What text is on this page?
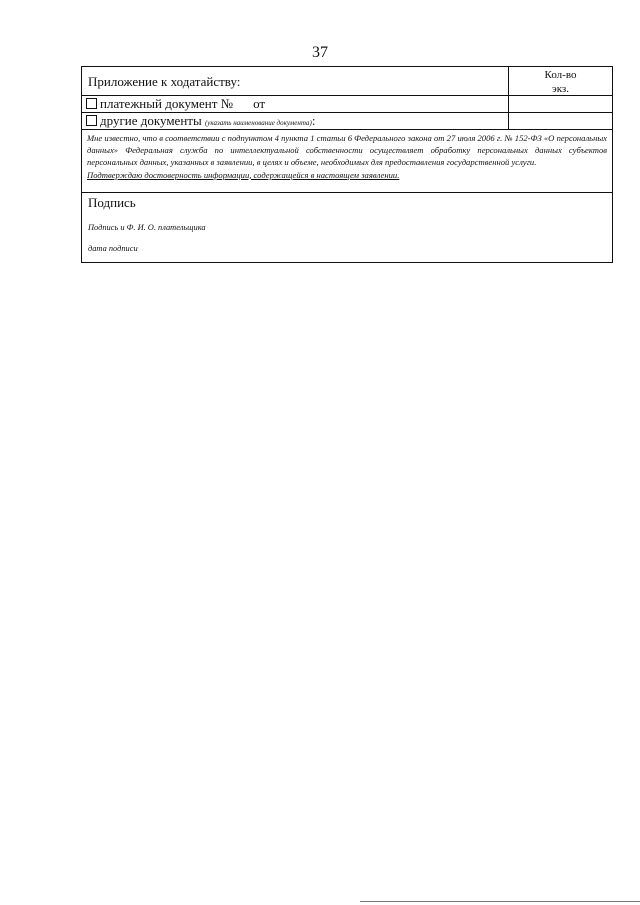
37
Приложение к ходатайству:	Кол-во
экз.
платежный документ № от
другие документы (указать наименование документа):

Мне известно, что в соответствии с подпунктом 4 пункта 1 статьи 6 Федерального закона от 27 июля 2006 г. № 152-ФЗ «О персональных данных» Федеральная служба по интеллектуальной собственности осуществляет обработку персональных данных субъектов персональных данных, указанных в заявлении, в целях и объеме, необходимых для предоставления государственной услуги.

Подтверждаю достоверность информации, содержащейся в настоящем заявлении.

Подпись
Подпись и Ф. И. О. плательщика
дата подписи
